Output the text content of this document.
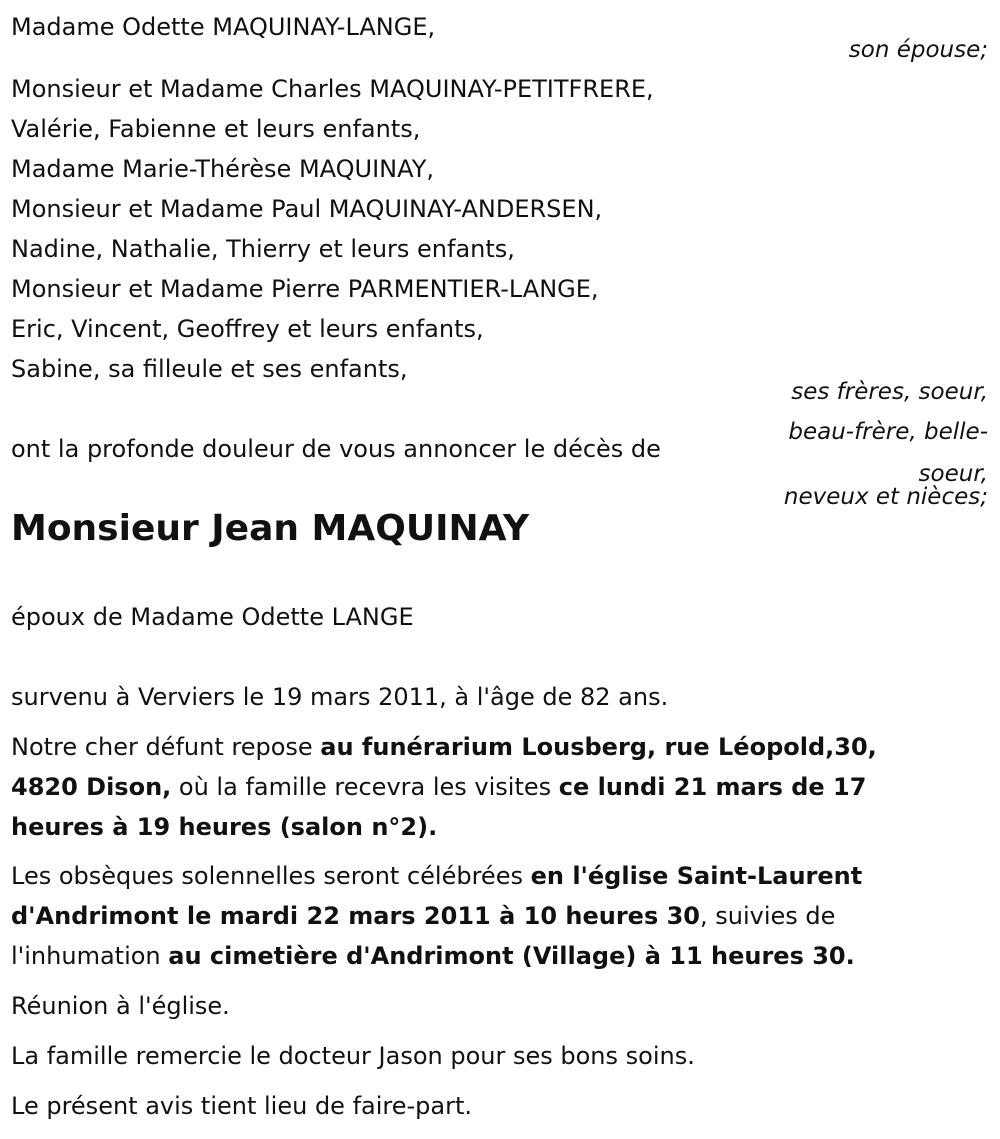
Madame Odette MAQUINAY-LANGE,
son épouse;
Monsieur et Madame Charles MAQUINAY-PETITFRERE,
Valérie, Fabienne et leurs enfants,
Madame Marie-Thérèse MAQUINAY,
Monsieur et Madame Paul MAQUINAY-ANDERSEN,
Nadine, Nathalie, Thierry et leurs enfants,
Monsieur et Madame Pierre PARMENTIER-LANGE,
Eric, Vincent, Geoffrey et leurs enfants,
Sabine, sa filleule et ses enfants,
ses frères, soeur,
beau-frère, belle-
soeur,
neveux et nièces;
ont la profonde douleur de vous annoncer le décès de
Monsieur Jean MAQUINAY
époux de Madame Odette LANGE
survenu à Verviers le 19 mars 2011, à l'âge de 82 ans.
Notre cher défunt repose au funérarium Lousberg, rue Léopold,30, 4820 Dison, où la famille recevra les visites ce lundi 21 mars de 17 heures à 19 heures (salon n°2).
Les obsèques solennelles seront célébrées en l'église Saint-Laurent d'Andrimont le mardi 22 mars 2011 à 10 heures 30, suivies de l'inhumation au cimetière d'Andrimont (Village) à 11 heures 30.
Réunion à l'église.
La famille remercie le docteur Jason pour ses bons soins.
Le présent avis tient lieu de faire-part.
